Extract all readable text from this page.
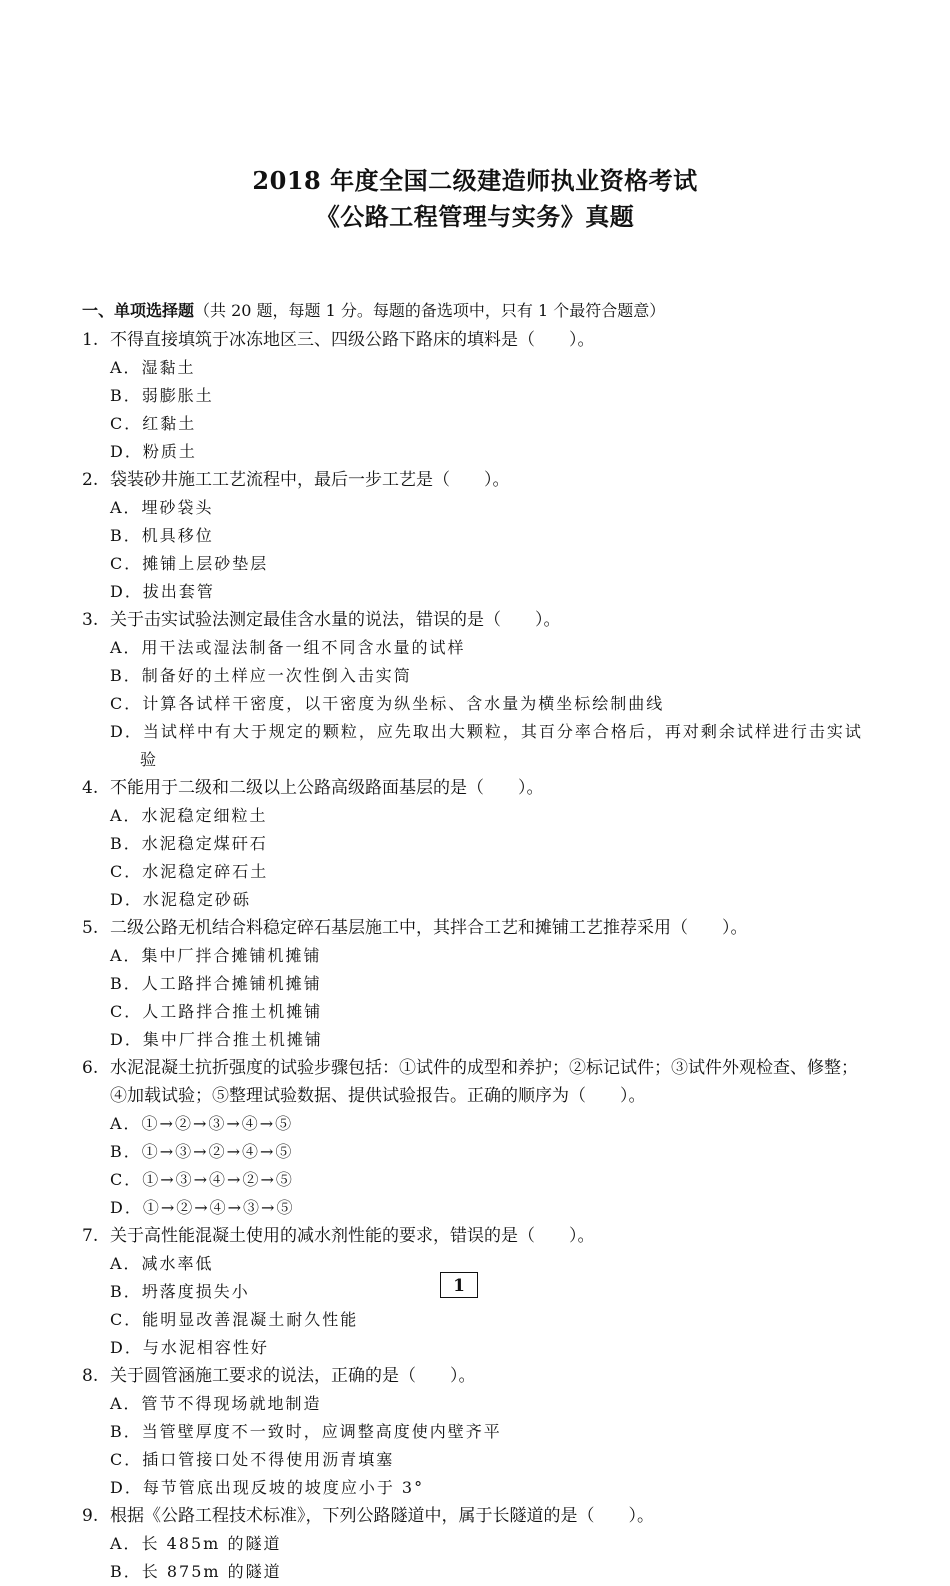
2018 年度全国二级建造师执业资格考试
《公路工程管理与实务》真题
一、单项选择题（共 20 题，每题 1 分。每题的备选项中，只有 1 个最符合题意）
1. 不得直接填筑于冰冻地区三、四级公路下路床的填料是（　　）。
A．湿黏土
B．弱膨胀土
C．红黏土
D．粉质土
2. 袋装砂井施工工艺流程中，最后一步工艺是（　　）。
A．埋砂袋头
B．机具移位
C．摊铺上层砂垫层
D．拔出套管
3. 关于击实试验法测定最佳含水量的说法，错误的是（　　）。
A．用干法或湿法制备一组不同含水量的试样
B．制备好的土样应一次性倒入击实筒
C．计算各试样干密度，以干密度为纵坐标、含水量为横坐标绘制曲线
D．当试样中有大于规定的颗粒，应先取出大颗粒，其百分率合格后，再对剩余试样进行击实试验
4. 不能用于二级和二级以上公路高级路面基层的是（　　）。
A．水泥稳定细粒土
B．水泥稳定煤矸石
C．水泥稳定碎石土
D．水泥稳定砂砾
5. 二级公路无机结合料稳定碎石基层施工中，其拌合工艺和摊铺工艺推荐采用（　　）。
A．集中厂拌合摊铺机摊铺
B．人工路拌合摊铺机摊铺
C．人工路拌合推土机摊铺
D．集中厂拌合推土机摊铺
6. 水泥混凝土抗折强度的试验步骤包括：①试件的成型和养护；②标记试件；③试件外观检查、修整；④加载试验；⑤整理试验数据、提供试验报告。正确的顺序为（　　）。
A．①→②→③→④→⑤
B．①→③→②→④→⑤
C．①→③→④→②→⑤
D．①→②→④→③→⑤
7. 关于高性能混凝土使用的减水剂性能的要求，错误的是（　　）。
A．减水率低
B．坍落度损失小
C．能明显改善混凝土耐久性能
D．与水泥相容性好
8. 关于圆管涵施工要求的说法，正确的是（　　）。
A．管节不得现场就地制造
B．当管壁厚度不一致时，应调整高度使内壁齐平
C．插口管接口处不得使用沥青填塞
D．每节管底出现反坡的坡度应小于 3°
9. 根据《公路工程技术标准》，下列公路隧道中，属于长隧道的是（　　）。
A．长 485m 的隧道
B．长 875m 的隧道
1
